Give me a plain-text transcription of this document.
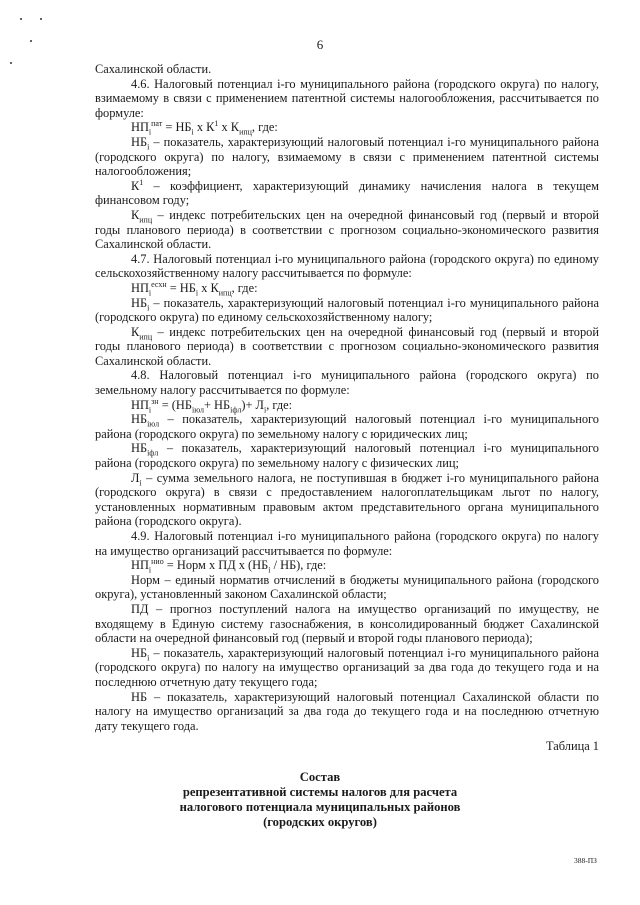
6

Сахалинской области.

4.6. Налоговый потенциал i-го муниципального района (городского округа) по налогу, взимаемому в связи с применением патентной системы налогообложения, рассчитывается по формуле:

$НП_i^{пат} = НБ_i$ х $К^1$ х $К_{ипц}$, где:

$НБ_i$ – показатель, характеризующий налоговый потенциал i-го муниципального района (городского округа) по налогу, взимаемому в связи с применением патентной системы налогообложения;

$К^1$ – коэффициент, характеризующий динамику начисления налога в текущем финансовом году;

$К_{ипц}$ – индекс потребительских цен на очередной финансовый год (первый и второй годы планового периода) в соответствии с прогнозом социально-экономического развития Сахалинской области.

4.7. Налоговый потенциал i-го муниципального района (городского округа) по единому сельскохозяйственному налогу рассчитывается по формуле:

$НП_i^{есхн} = НБ_i$ х $К_{ипц}$, где:

$НБ_i$ – показатель, характеризующий налоговый потенциал i-го муниципального района (городского округа) по единому сельскохозяйственному налогу;

$К_{ипц}$ – индекс потребительских цен на очередной финансовый год (первый и второй годы планового периода) в соответствии с прогнозом социально-экономического развития Сахалинской области.

4.8. Налоговый потенциал i-го муниципального района (городского округа) по земельному налогу рассчитывается по формуле:

$НП_i^{зн} = (НБ_{iюл}+ НБ_{iфл})+ Л_i$, где:

$НБ_{iюл}$ – показатель, характеризующий налоговый потенциал i-го муниципального района (городского округа) по земельному налогу с юридических лиц;

$НБ_{iфл}$ – показатель, характеризующий налоговый потенциал i-го муниципального района (городского округа) по земельному налогу с физических лиц;

$Л_i$ – сумма земельного налога, не поступившая в бюджет i-го муниципального района (городского округа) в связи с предоставлением налогоплательщикам льгот по налогу, установленных нормативным правовым актом представительного органа муниципального района (городского округа).

4.9. Налоговый потенциал i-го муниципального района (городского округа) по налогу на имущество организаций рассчитывается по формуле:

$НП_i^{нио}$ = Норм х ПД х $(НБ_i / НБ)$, где:

Норм – единый норматив отчислений в бюджеты муниципального района (городского округа), установленный законом Сахалинской области;

ПД – прогноз поступлений налога на имущество организаций по имуществу, не входящему в Единую систему газоснабжения, в консолидированный бюджет Сахалинской области на очередной финансовый год (первый и второй годы планового периода);

$НБ_i$ – показатель, характеризующий налоговый потенциал i-го муниципального района (городского округа) по налогу на имущество организаций за два года до текущего года и на последнюю отчетную дату текущего года;

НБ – показатель, характеризующий налоговый потенциал Сахалинской области по налогу на имущество организаций за два года до текущего года и на последнюю отчетную дату текущего года.

Таблица 1

Состав
репрезентативной системы налогов для расчета
налогового потенциала муниципальных районов
(городских округов)
388-ПЗ
